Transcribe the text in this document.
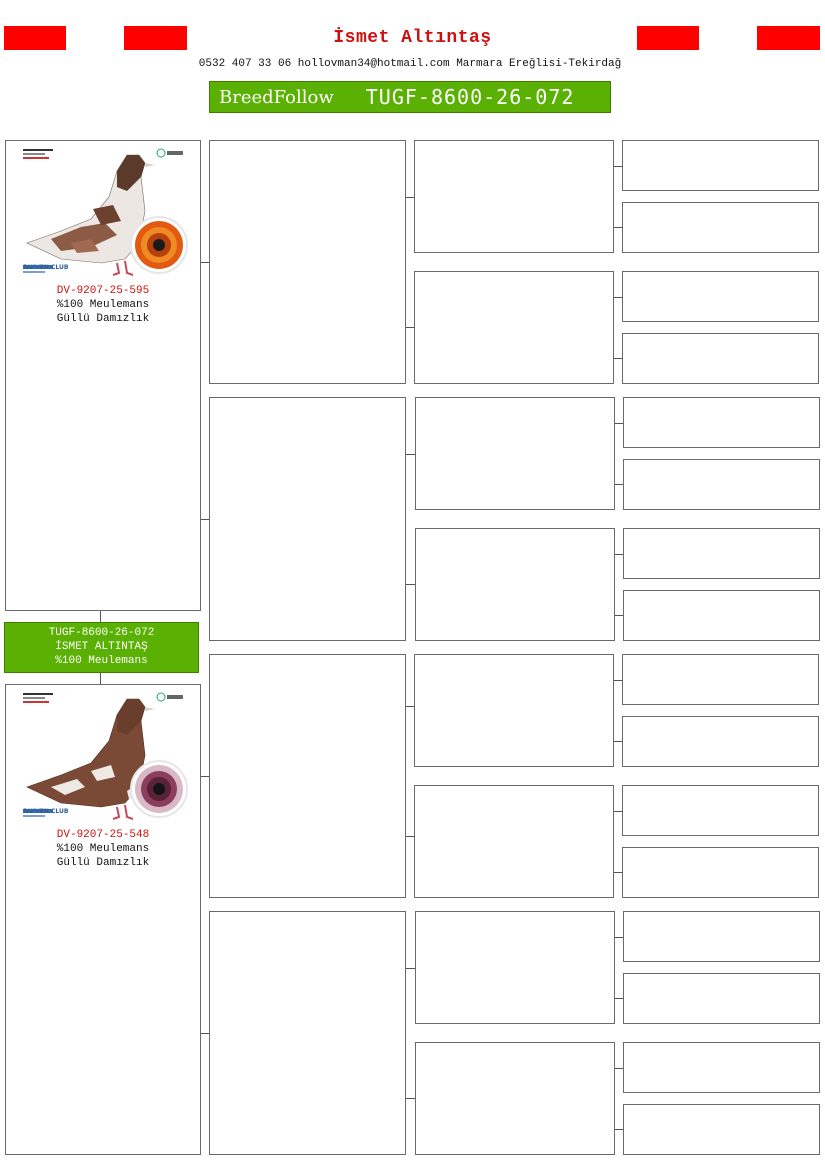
İsmet Altıntaş
0532 407 33 06 hollovman34@hotmail.com Marmara Ereğlisi-Tekirdağ
BreedFollow TUGF-8600-26-072
DUIVEN CLUB
DV-9207-25-595
%100 Meulemans
Güllü Damızlık
TUGF-8600-26-072
İSMET ALTINTAŞ
%100 Meulemans
DUIVEN CLUB
DV-9207-25-548
%100 Meulemans
Güllü Damızlık
